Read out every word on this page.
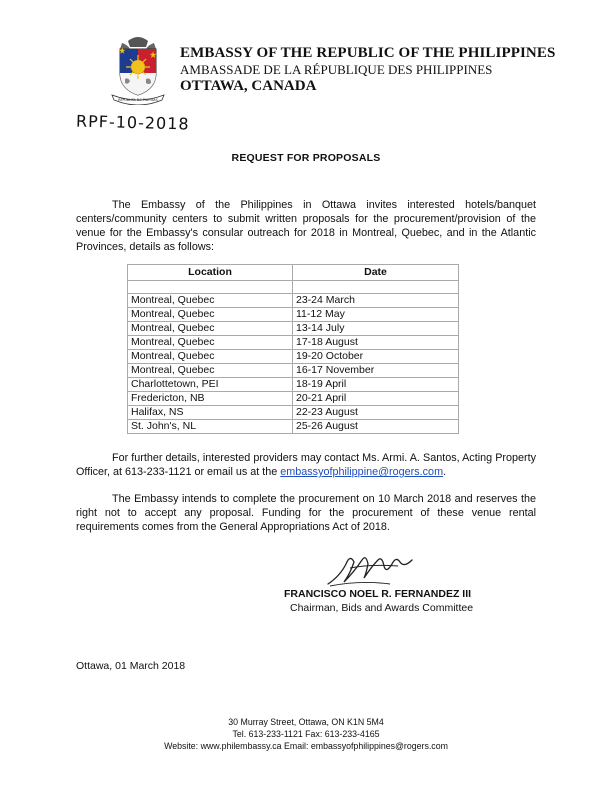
REPUBLIKA NG PILIPINAS
EMBASSY OF THE REPUBLIC OF THE PHILIPPINES
AMBASSADE DE LA RÉPUBLIQUE DES PHILIPPINES
OTTAWA, CANADA
RPF-10-2018
REQUEST FOR PROPOSALS
The Embassy of the Philippines in Ottawa invites interested hotels/banquet centers/community centers to submit written proposals for the procurement/provision of the venue for the Embassy's consular outreach for 2018 in Montreal, Quebec, and in the Atlantic Provinces, details as follows:
Location	Date

Montreal, Quebec	23-24 March
Montreal, Quebec	11-12 May
Montreal, Quebec	13-14 July
Montreal, Quebec	17-18 August
Montreal, Quebec	19-20 October
Montreal, Quebec	16-17 November
Charlottetown, PEI	18-19 April
Fredericton, NB	20-21 April
Halifax, NS	22-23 August
St. John's, NL	25-26 August
For further details, interested providers may contact Ms. Armi. A. Santos, Acting Property Officer, at 613-233-1121 or email us at the embassyofphilippine@rogers.com.
The Embassy intends to complete the procurement on 10 March 2018 and reserves the right not to accept any proposal. Funding for the procurement of these venue rental requirements comes from the General Appropriations Act of 2018.
FRANCISCO NOEL R. FERNANDEZ III
Chairman, Bids and Awards Committee
Ottawa, 01 March 2018
30 Murray Street, Ottawa, ON K1N 5M4
Tel. 613-233-1121 Fax: 613-233-4165
Website: www.philembassy.ca Email: embassyofphilippines@rogers.com
